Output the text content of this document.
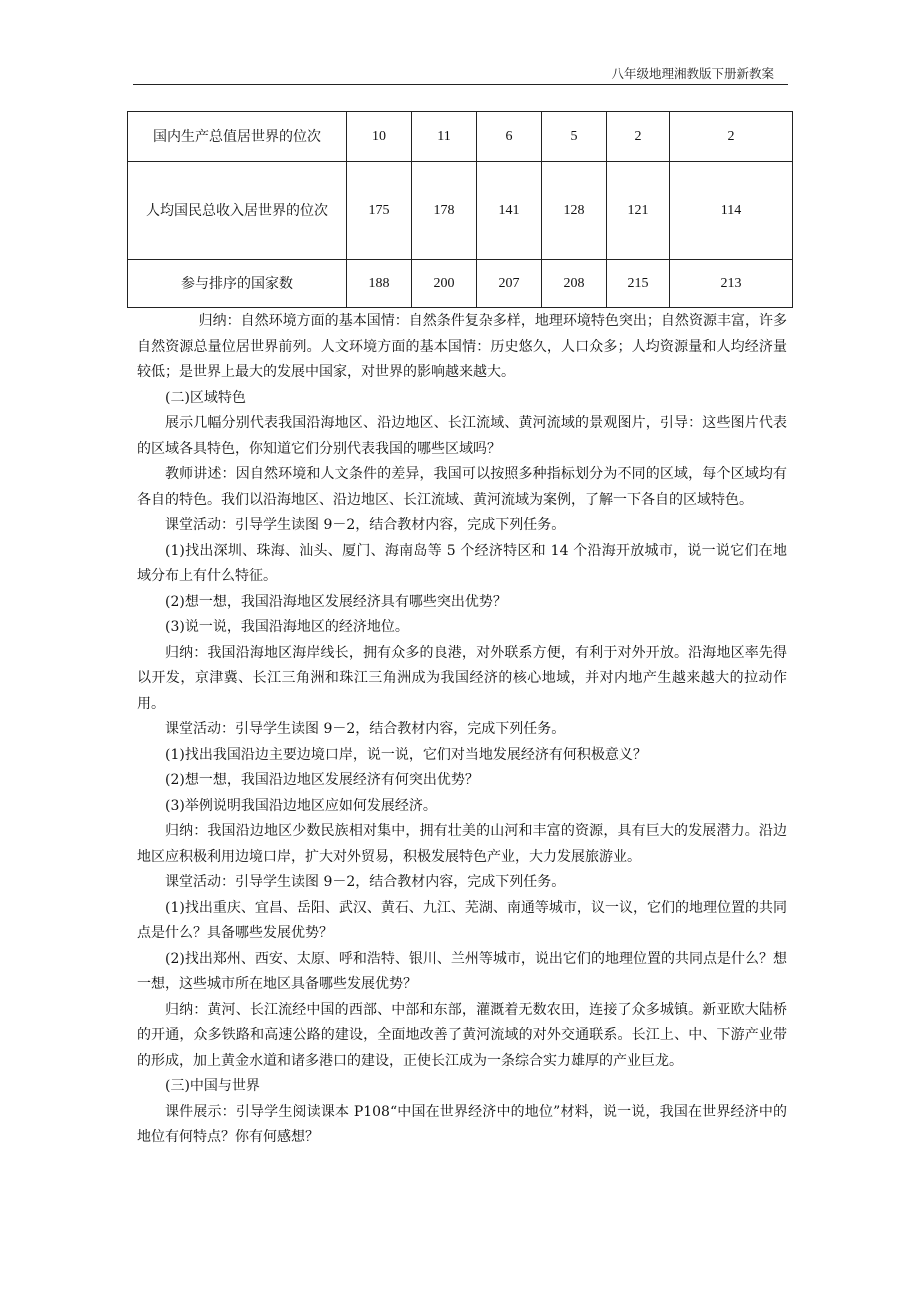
八年级地理湘教版下册新教案
国内生产总值居世界的位次	10	11	6	5	2	2
人均国民总收入居世界的位次	175	178	141	128	121	114
参与排序的国家数	188	200	207	208	215	213

归纳：自然环境方面的基本国情：自然条件复杂多样，地理环境特色突出；自然资源丰富，许多自然资源总量位居世界前列。人文环境方面的基本国情：历史悠久，人口众多；人均资源量和人均经济量较低；是世界上最大的发展中国家，对世界的影响越来越大。

(二)区域特色

展示几幅分别代表我国沿海地区、沿边地区、长江流域、黄河流域的景观图片，引导：这些图片代表的区域各具特色，你知道它们分别代表我国的哪些区域吗？

教师讲述：因自然环境和人文条件的差异，我国可以按照多种指标划分为不同的区域，每个区域均有各自的特色。我们以沿海地区、沿边地区、长江流域、黄河流域为案例，了解一下各自的区域特色。

课堂活动：引导学生读图 9－2，结合教材内容，完成下列任务。

(1)找出深圳、珠海、汕头、厦门、海南岛等 5 个经济特区和 14 个沿海开放城市，说一说它们在地域分布上有什么特征。

(2)想一想，我国沿海地区发展经济具有哪些突出优势？

(3)说一说，我国沿海地区的经济地位。

归纳：我国沿海地区海岸线长，拥有众多的良港，对外联系方便，有利于对外开放。沿海地区率先得以开发，京津冀、长江三角洲和珠江三角洲成为我国经济的核心地域，并对内地产生越来越大的拉动作用。

课堂活动：引导学生读图 9－2，结合教材内容，完成下列任务。

(1)找出我国沿边主要边境口岸，说一说，它们对当地发展经济有何积极意义？

(2)想一想，我国沿边地区发展经济有何突出优势？

(3)举例说明我国沿边地区应如何发展经济。

归纳：我国沿边地区少数民族相对集中，拥有壮美的山河和丰富的资源，具有巨大的发展潜力。沿边地区应积极利用边境口岸，扩大对外贸易，积极发展特色产业，大力发展旅游业。

课堂活动：引导学生读图 9－2，结合教材内容，完成下列任务。

(1)找出重庆、宜昌、岳阳、武汉、黄石、九江、芜湖、南通等城市，议一议，它们的地理位置的共同点是什么？具备哪些发展优势？

(2)找出郑州、西安、太原、呼和浩特、银川、兰州等城市，说出它们的地理位置的共同点是什么？想一想，这些城市所在地区具备哪些发展优势？

归纳：黄河、长江流经中国的西部、中部和东部，灌溉着无数农田，连接了众多城镇。新亚欧大陆桥的开通，众多铁路和高速公路的建设，全面地改善了黄河流域的对外交通联系。长江上、中、下游产业带的形成，加上黄金水道和诸多港口的建设，正使长江成为一条综合实力雄厚的产业巨龙。

(三)中国与世界

课件展示：引导学生阅读课本 P108“中国在世界经济中的地位”材料，说一说，我国在世界经济中的地位有何特点？你有何感想？
